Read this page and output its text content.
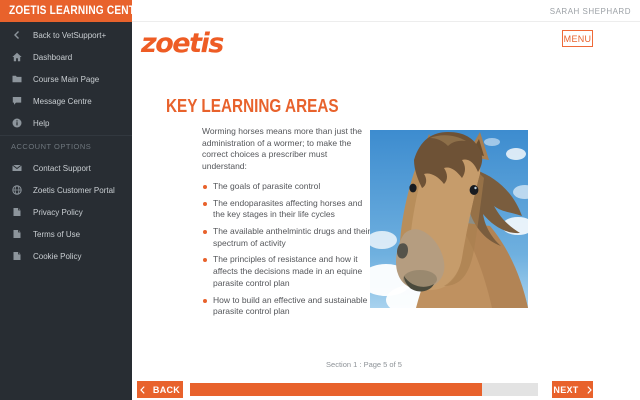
ZOETIS LEARNING CENTRE	SARAH SHEPHARD
Back to VetSupport+
Dashboard
Course Main Page
Message Centre
Help
ACCOUNT OPTIONS
Contact Support
Zoetis Customer Portal
Privacy Policy
Terms of Use
Cookie Policy
zoetis	MENU
KEY LEARNING AREAS

Worming horses means more than just the administration of a wormer; to make the correct choices a prescriber must understand:

The goals of parasite control
The endoparasites affecting horses and the key stages in their life cycles
The available anthelmintic drugs and their spectrum of activity
The principles of resistance and how it affects the decisions made in an equine parasite control plan
How to build an effective and sustainable parasite control plan
Section 1 : Page 5 of 5
BACK	NEXT
